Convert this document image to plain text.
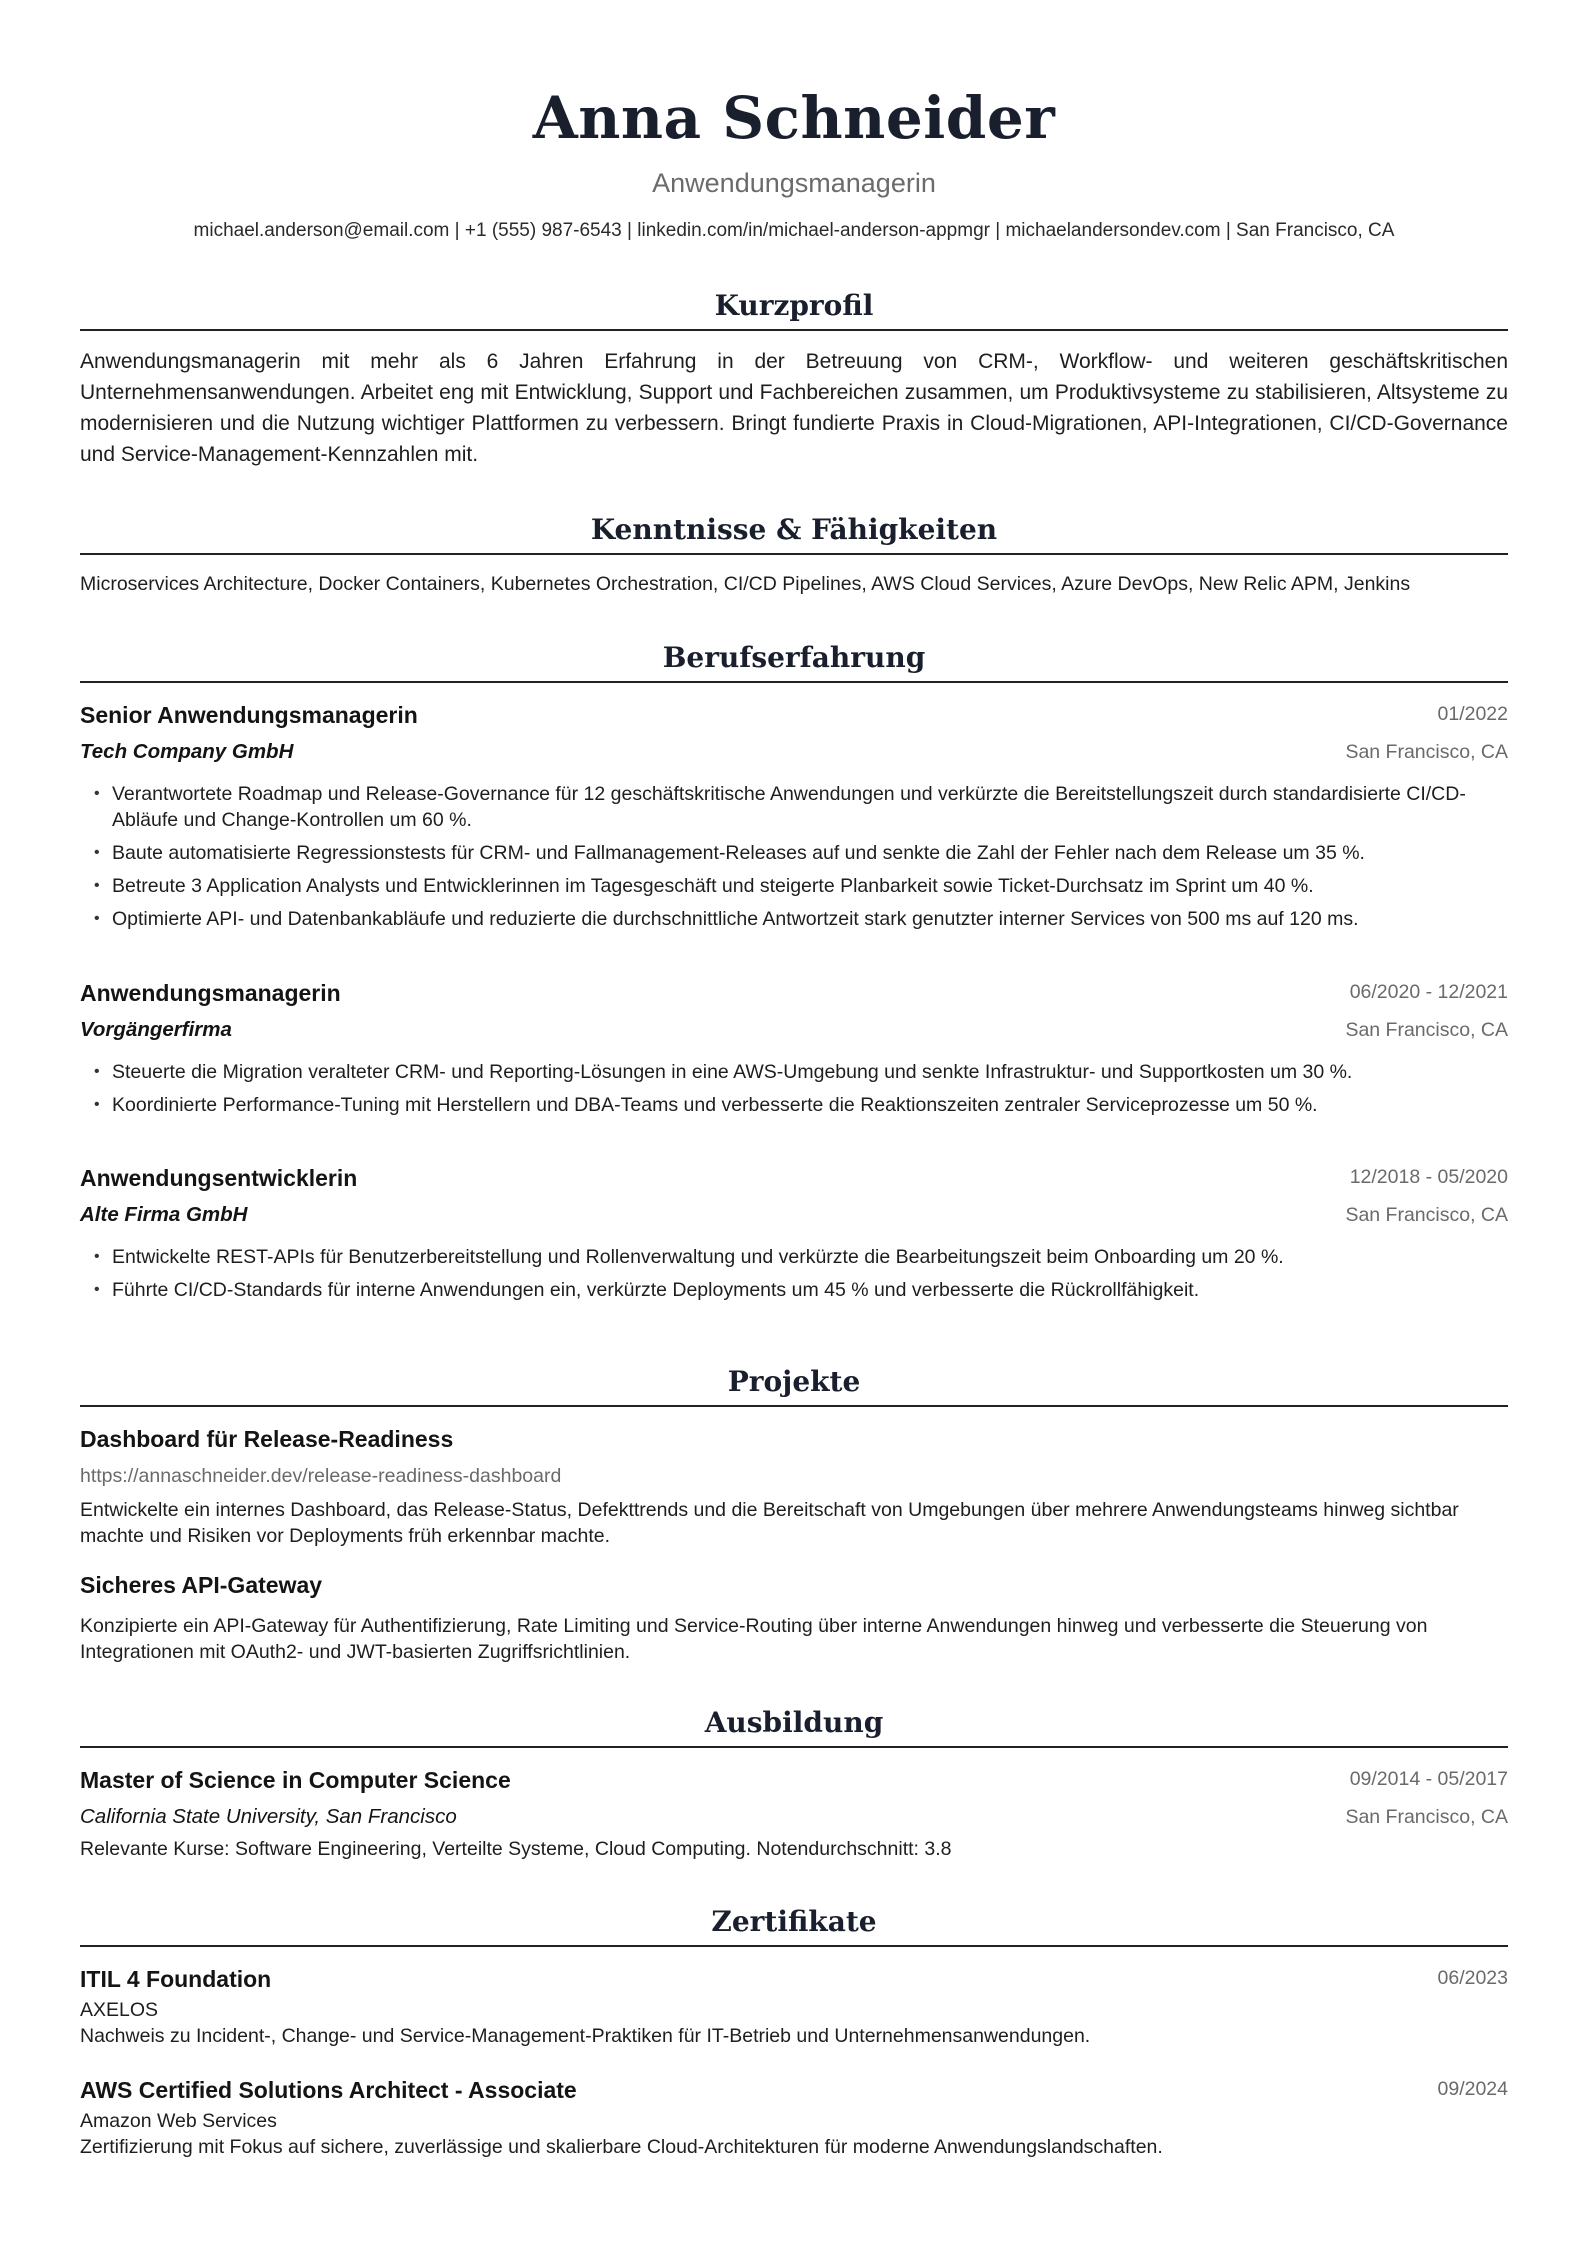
Anna Schneider
Anwendungsmanagerin
michael.anderson@email.com | +1 (555) 987-6543 | linkedin.com/in/michael-anderson-appmgr | michaelandersondev.com | San Francisco, CA
Kurzprofil
Anwendungsmanagerin mit mehr als 6 Jahren Erfahrung in der Betreuung von CRM-, Workflow- und weiteren geschäftskritischen Unternehmensanwendungen. Arbeitet eng mit Entwicklung, Support und Fachbereichen zusammen, um Produktivsysteme zu stabilisieren, Altsysteme zu modernisieren und die Nutzung wichtiger Plattformen zu verbessern. Bringt fundierte Praxis in Cloud-Migrationen, API-Integrationen, CI/CD-Governance und Service-Management-Kennzahlen mit.
Kenntnisse & Fähigkeiten
Microservices Architecture, Docker Containers, Kubernetes Orchestration, CI/CD Pipelines, AWS Cloud Services, Azure DevOps, New Relic APM, Jenkins
Berufserfahrung
Senior Anwendungsmanagerin	01/2022
Tech Company GmbH	San Francisco, CA
• Verantwortete Roadmap und Release-Governance für 12 geschäftskritische Anwendungen und verkürzte die Bereitstellungszeit durch standardisierte CI/CD-Abläufe und Change-Kontrollen um 60 %.
• Baute automatisierte Regressionstests für CRM- und Fallmanagement-Releases auf und senkte die Zahl der Fehler nach dem Release um 35 %.
• Betreute 3 Application Analysts und Entwicklerinnen im Tagesgeschäft und steigerte Planbarkeit sowie Ticket-Durchsatz im Sprint um 40 %.
• Optimierte API- und Datenbankabläufe und reduzierte die durchschnittliche Antwortzeit stark genutzter interner Services von 500 ms auf 120 ms.
Anwendungsmanagerin	06/2020 - 12/2021
Vorgängerfirma	San Francisco, CA
• Steuerte die Migration veralteter CRM- und Reporting-Lösungen in eine AWS-Umgebung und senkte Infrastruktur- und Supportkosten um 30 %.
• Koordinierte Performance-Tuning mit Herstellern und DBA-Teams und verbesserte die Reaktionszeiten zentraler Serviceprozesse um 50 %.
Anwendungsentwicklerin	12/2018 - 05/2020
Alte Firma GmbH	San Francisco, CA
• Entwickelte REST-APIs für Benutzerbereitstellung und Rollenverwaltung und verkürzte die Bearbeitungszeit beim Onboarding um 20 %.
• Führte CI/CD-Standards für interne Anwendungen ein, verkürzte Deployments um 45 % und verbesserte die Rückrollfähigkeit.
Projekte
Dashboard für Release-Readiness
https://annaschneider.dev/release-readiness-dashboard
Entwickelte ein internes Dashboard, das Release-Status, Defekttrends und die Bereitschaft von Umgebungen über mehrere Anwendungsteams hinweg sichtbar machte und Risiken vor Deployments früh erkennbar machte.
Sicheres API-Gateway
Konzipierte ein API-Gateway für Authentifizierung, Rate Limiting und Service-Routing über interne Anwendungen hinweg und verbesserte die Steuerung von Integrationen mit OAuth2- und JWT-basierten Zugriffsrichtlinien.
Ausbildung
Master of Science in Computer Science	09/2014 - 05/2017
California State University, San Francisco	San Francisco, CA
Relevante Kurse: Software Engineering, Verteilte Systeme, Cloud Computing. Notendurchschnitt: 3.8
Zertifikate
ITIL 4 Foundation	06/2023
AXELOS
Nachweis zu Incident-, Change- und Service-Management-Praktiken für IT-Betrieb und Unternehmensanwendungen.
AWS Certified Solutions Architect - Associate	09/2024
Amazon Web Services
Zertifizierung mit Fokus auf sichere, zuverlässige und skalierbare Cloud-Architekturen für moderne Anwendungslandschaften.
